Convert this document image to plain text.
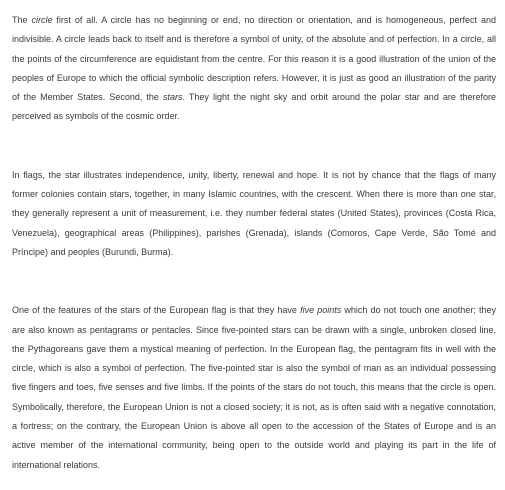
The circle first of all. A circle has no beginning or end, no direction or orientation, and is homogeneous, perfect and indivisible. A circle leads back to itself and is therefore a symbol of unity, of the absolute and of perfection. In a circle, all the points of the circumference are equidistant from the centre. For this reason it is a good illustration of the union of the peoples of Europe to which the official symbolic description refers. However, it is just as good an illustration of the parity of the Member States. Second, the stars. They light the night sky and orbit around the polar star and are therefore perceived as symbols of the cosmic order.

In flags, the star illustrates independence, unity, liberty, renewal and hope. It is not by chance that the flags of many former colonies contain stars, together, in many Islamic countries, with the crescent. When there is more than one star, they generally represent a unit of measurement, i.e. they number federal states (United States), provinces (Costa Rica, Venezuela), geographical areas (Philippines), parishes (Grenada), islands (Comoros, Cape Verde, São Tomé and Príncipe) and peoples (Burundi, Burma).

One of the features of the stars of the European flag is that they have five points which do not touch one another; they are also known as pentagrams or pentacles. Since five-pointed stars can be drawn with a single, unbroken closed line, the Pythagoreans gave them a mystical meaning of perfection. In the European flag, the pentagram fits in well with the circle, which is also a symbol of perfection. The five-pointed star is also the symbol of man as an individual possessing five fingers and toes, five senses and five limbs. If the points of the stars do not touch, this means that the circle is open. Symbolically, therefore, the European Union is not a closed society; it is not, as is often said with a negative connotation, a fortress; on the contrary, the European Union is above all open to the accession of the States of Europe and is an active member of the international community, being open to the outside world and playing its part in the life of international relations.
